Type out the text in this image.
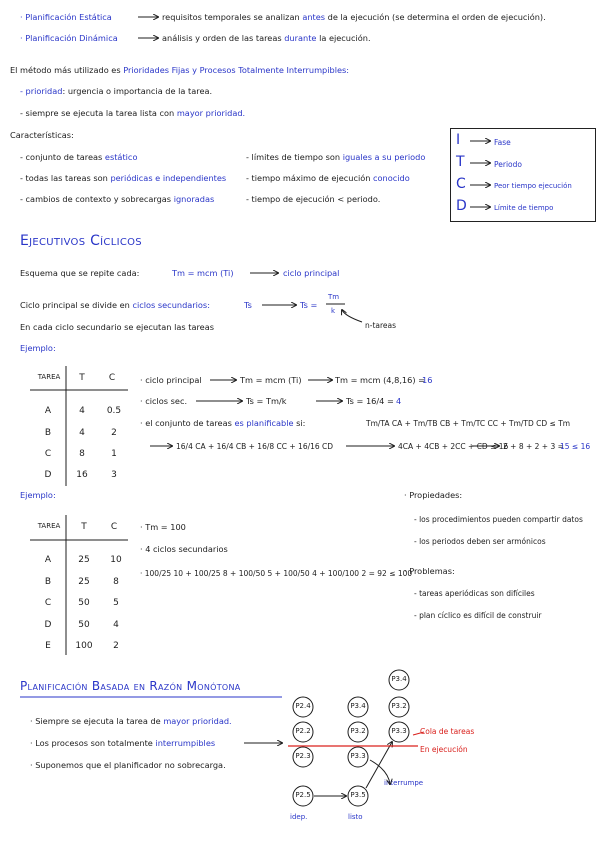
· Planificación Estática	requisitos temporales se analizan antes de la ejecución (se determina el orden de ejecución).
· Planificación Dinámica	análisis y orden de las tareas durante la ejecución.
El método más utilizado es Prioridades Fijas y Procesos Totalmente Interrumpibles:
- prioridad: urgencia o importancia de la tarea.
- siempre se ejecuta la tarea lista con mayor prioridad.
Características:
- conjunto de tareas estático
- todas las tareas son periódicas e independientes
- cambios de contexto y sobrecargas ignoradas
- límites de tiempo son iguales a su periodo
- tiempo máximo de ejecución conocido
- tiempo de ejecución < periodo.
I
T
C
D
Fase
Periodo
Peor tiempo ejecución
Límite de tiempo
Ejecutivos Cíclicos
Esquema que se repite cada:	Tm = mcm (Ti)	ciclo principal
Ciclo principal se divide en ciclos secundarios:	Ts	Ts =
Tm
k
n-tareas
En cada ciclo secundario se ejecutan las tareas
Ejemplo:
TAREA	T	C
A	4	0.5
B	4	2
C	8	1
D	16	3
· ciclo principal	Tm = mcm (Ti)	Tm = mcm (4,8,16) =
16
· ciclos sec.	Ts = Tm/k	Ts = 16/4 = 4
· el conjunto de tareas es planificable si:	Tm/TA CA + Tm/TB CB + Tm/TC CC + Tm/TD CD ≤ Tm
16/4 CA + 16/4 CB + 16/8 CC + 16/16 CD	4CA + 4CB + 2CC + CD ≤ 16
2 + 8 + 2 + 3 =
15 ≤ 16
Ejemplo:
TAREA	T	C
A	25	10
B	25	8
C	50	5
D	50	4
E	100	2
· Tm = 100
· 4 ciclos secundarios
· 100/25 10 + 100/25 8 + 100/50 5 + 100/50 4 + 100/100 2 = 92 ≤ 100
· Propiedades:
- los procedimientos pueden compartir datos
- los periodos deben ser armónicos
· Problemas:
- tareas aperiódicas son difíciles
- plan cíclico es difícil de construir
Planificación Basada en Razón Monótona
· Siempre se ejecuta la tarea de mayor prioridad.
· Los procesos son totalmente interrumpibles
· Suponemos que el planificador no sobrecarga.
P2.4
P2.2
P2.3
P2.5
P3.4
P3.2
P3.3
P3.5
P3.4
P3.2
P3.3	Cola de tareas
En ejecución
interrumpe
idep.	listo
